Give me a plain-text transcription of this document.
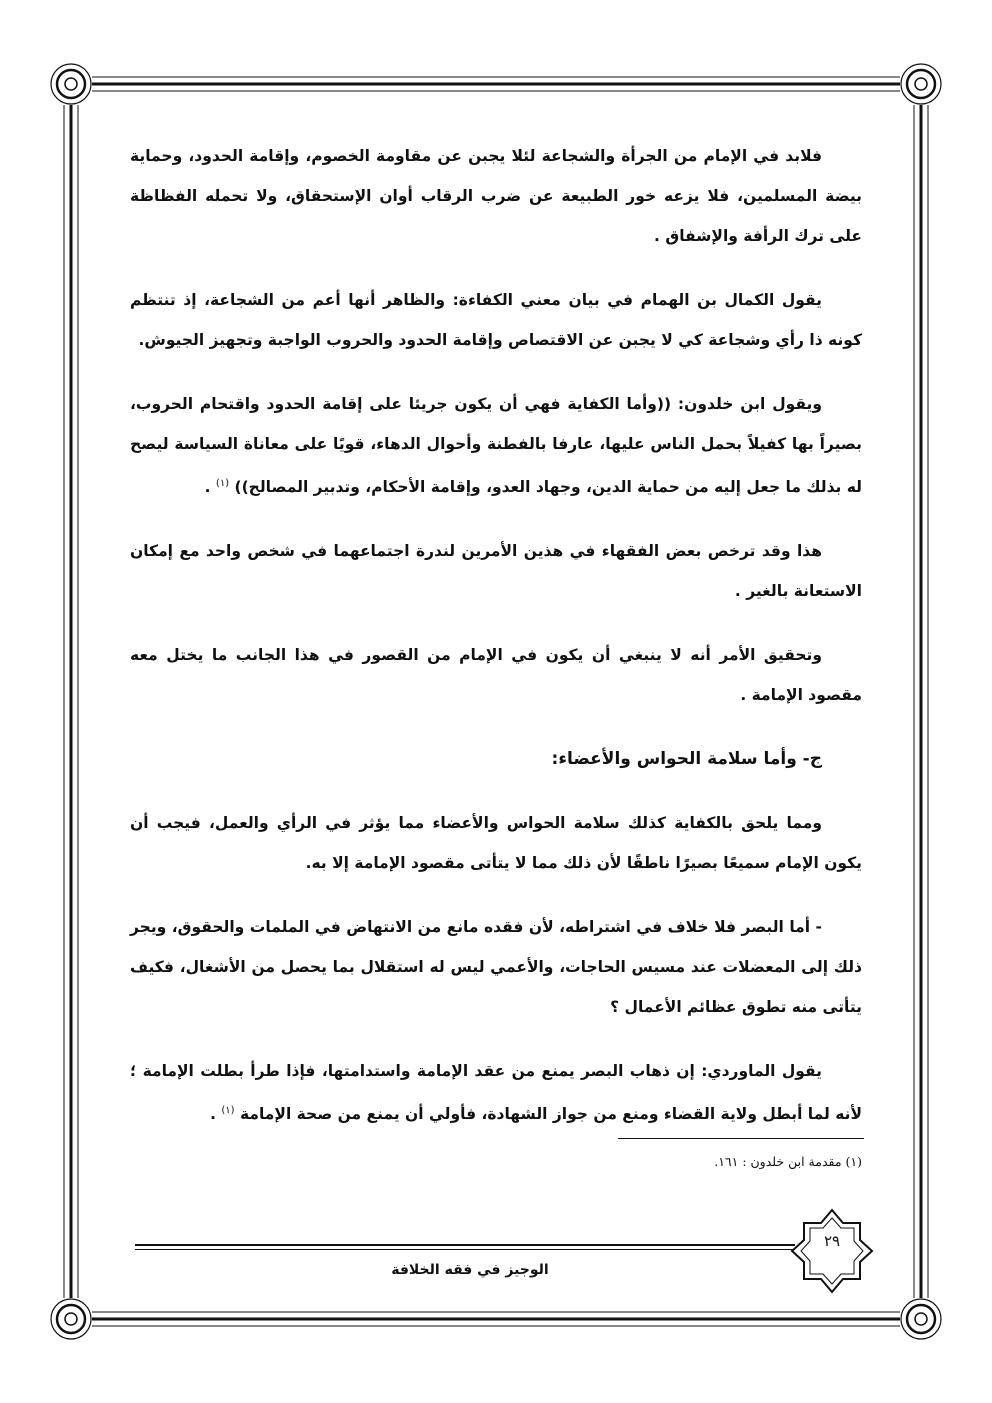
فلابد في الإمام من الجرأة والشجاعة لئلا يجبن عن مقاومة الخصوم، وإقامة الحدود، وحماية بيضة المسلمين، فلا يزعه خور الطبيعة عن ضرب الرقاب أوان الإستحقاق، ولا تحمله الفظاظة على ترك الرأفة والإشفاق .

يقول الكمال بن الهمام في بيان معني الكفاءة: والظاهر أنها أعم من الشجاعة، إذ تنتظم كونه ذا رأي وشجاعة كي لا يجبن عن الاقتصاص وإقامة الحدود والحروب الواجبة وتجهيز الجيوش.

ويقول ابن خلدون: ((وأما الكفاية فهي أن يكون جريئا على إقامة الحدود واقتحام الحروب، بصيراً بها كفيلاً بحمل الناس عليها، عارفا بالفطنة وأحوال الدهاء، قويًا على معاناة السياسة ليصح له بذلك ما جعل إليه من حماية الدين، وجهاد العدو، وإقامة الأحكام، وتدبير المصالح)) $^{(١)}$ .

هذا وقد ترخص بعض الفقهاء في هذين الأمرين لندرة اجتماعهما في شخص واحد مع إمكان الاستعانة بالغير .

وتحقيق الأمر أنه لا ينبغي أن يكون في الإمام من القصور في هذا الجانب ما يختل معه مقصود الإمامة .

ج- وأما سلامة الحواس والأعضاء:

ومما يلحق بالكفاية كذلك سلامة الحواس والأعضاء مما يؤثر في الرأي والعمل، فيجب أن يكون الإمام سميعًا بصيرًا ناطقًا لأن ذلك مما لا يتأتى مقصود الإمامة إلا به.

- أما البصر فلا خلاف في اشتراطه، لأن فقده مانع من الانتهاض في الملمات والحقوق، ويجر ذلك إلى المعضلات عند مسيس الحاجات، والأعمي ليس له استقلال بما يحصل من الأشغال، فكيف يتأتى منه تطوق عظائم الأعمال ؟

يقول الماوردي: إن ذهاب البصر يمنع من عقد الإمامة واستدامتها، فإذا طرأ بطلت الإمامة ؛ لأنه لما أبطل ولاية القضاء ومنع من جواز الشهادة، فأولي أن يمنع من صحة الإمامة $^{(١)}$ .

(١) مقدمة ابن خلدون : ١٦١.
الوجيز في فقه الخلافة
٢٩
